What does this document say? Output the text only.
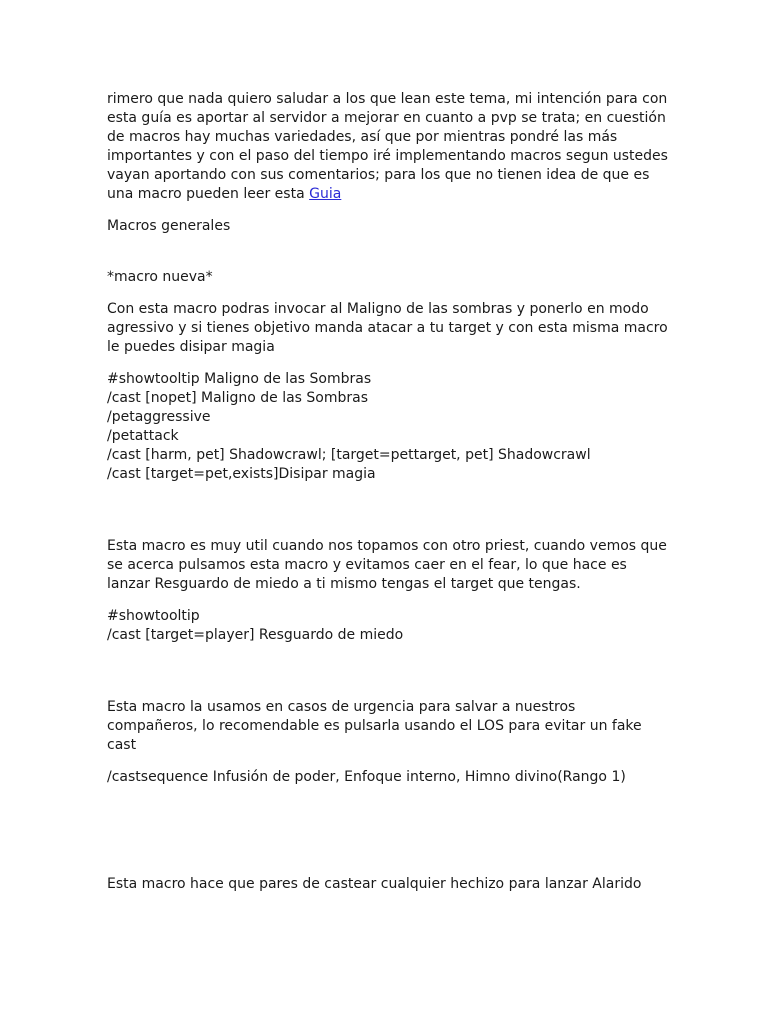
rimero que nada quiero saludar a los que lean este tema, mi intención para con
esta guía es aportar al servidor a mejorar en cuanto a pvp se trata; en cuestión
de macros hay muchas variedades, así que por mientras pondré las más
importantes y con el paso del tiempo iré implementando macros segun ustedes
vayan aportando con sus comentarios; para los que no tienen idea de que es
una macro pueden leer esta Guia
Macros generales
*macro nueva*
Con esta macro podras invocar al Maligno de las sombras y ponerlo en modo
agressivo y si tienes objetivo manda atacar a tu target y con esta misma macro
le puedes disipar magia
#showtooltip Maligno de las Sombras
/cast [nopet] Maligno de las Sombras
/petaggressive
/petattack
/cast [harm, pet] Shadowcrawl; [target=pettarget, pet] Shadowcrawl
/cast [target=pet,exists]Disipar magia
Esta macro es muy util cuando nos topamos con otro priest, cuando vemos que
se acerca pulsamos esta macro y evitamos caer en el fear, lo que hace es
lanzar Resguardo de miedo a ti mismo tengas el target que tengas.
#showtooltip
/cast [target=player] Resguardo de miedo
Esta macro la usamos en casos de urgencia para salvar a nuestros
compañeros, lo recomendable es pulsarla usando el LOS para evitar un fake
cast
/castsequence Infusión de poder, Enfoque interno, Himno divino(Rango 1)
Esta macro hace que pares de castear cualquier hechizo para lanzar Alarido
